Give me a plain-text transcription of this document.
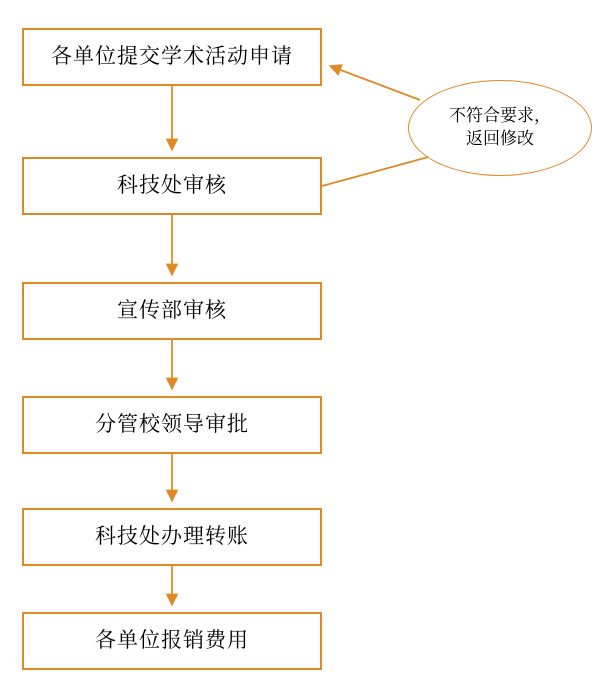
各单位提交学术活动申请
科技处审核
宣传部审核
分管校领导审批
科技处办理转账
各单位报销费用
不符合要求，
返回修改
